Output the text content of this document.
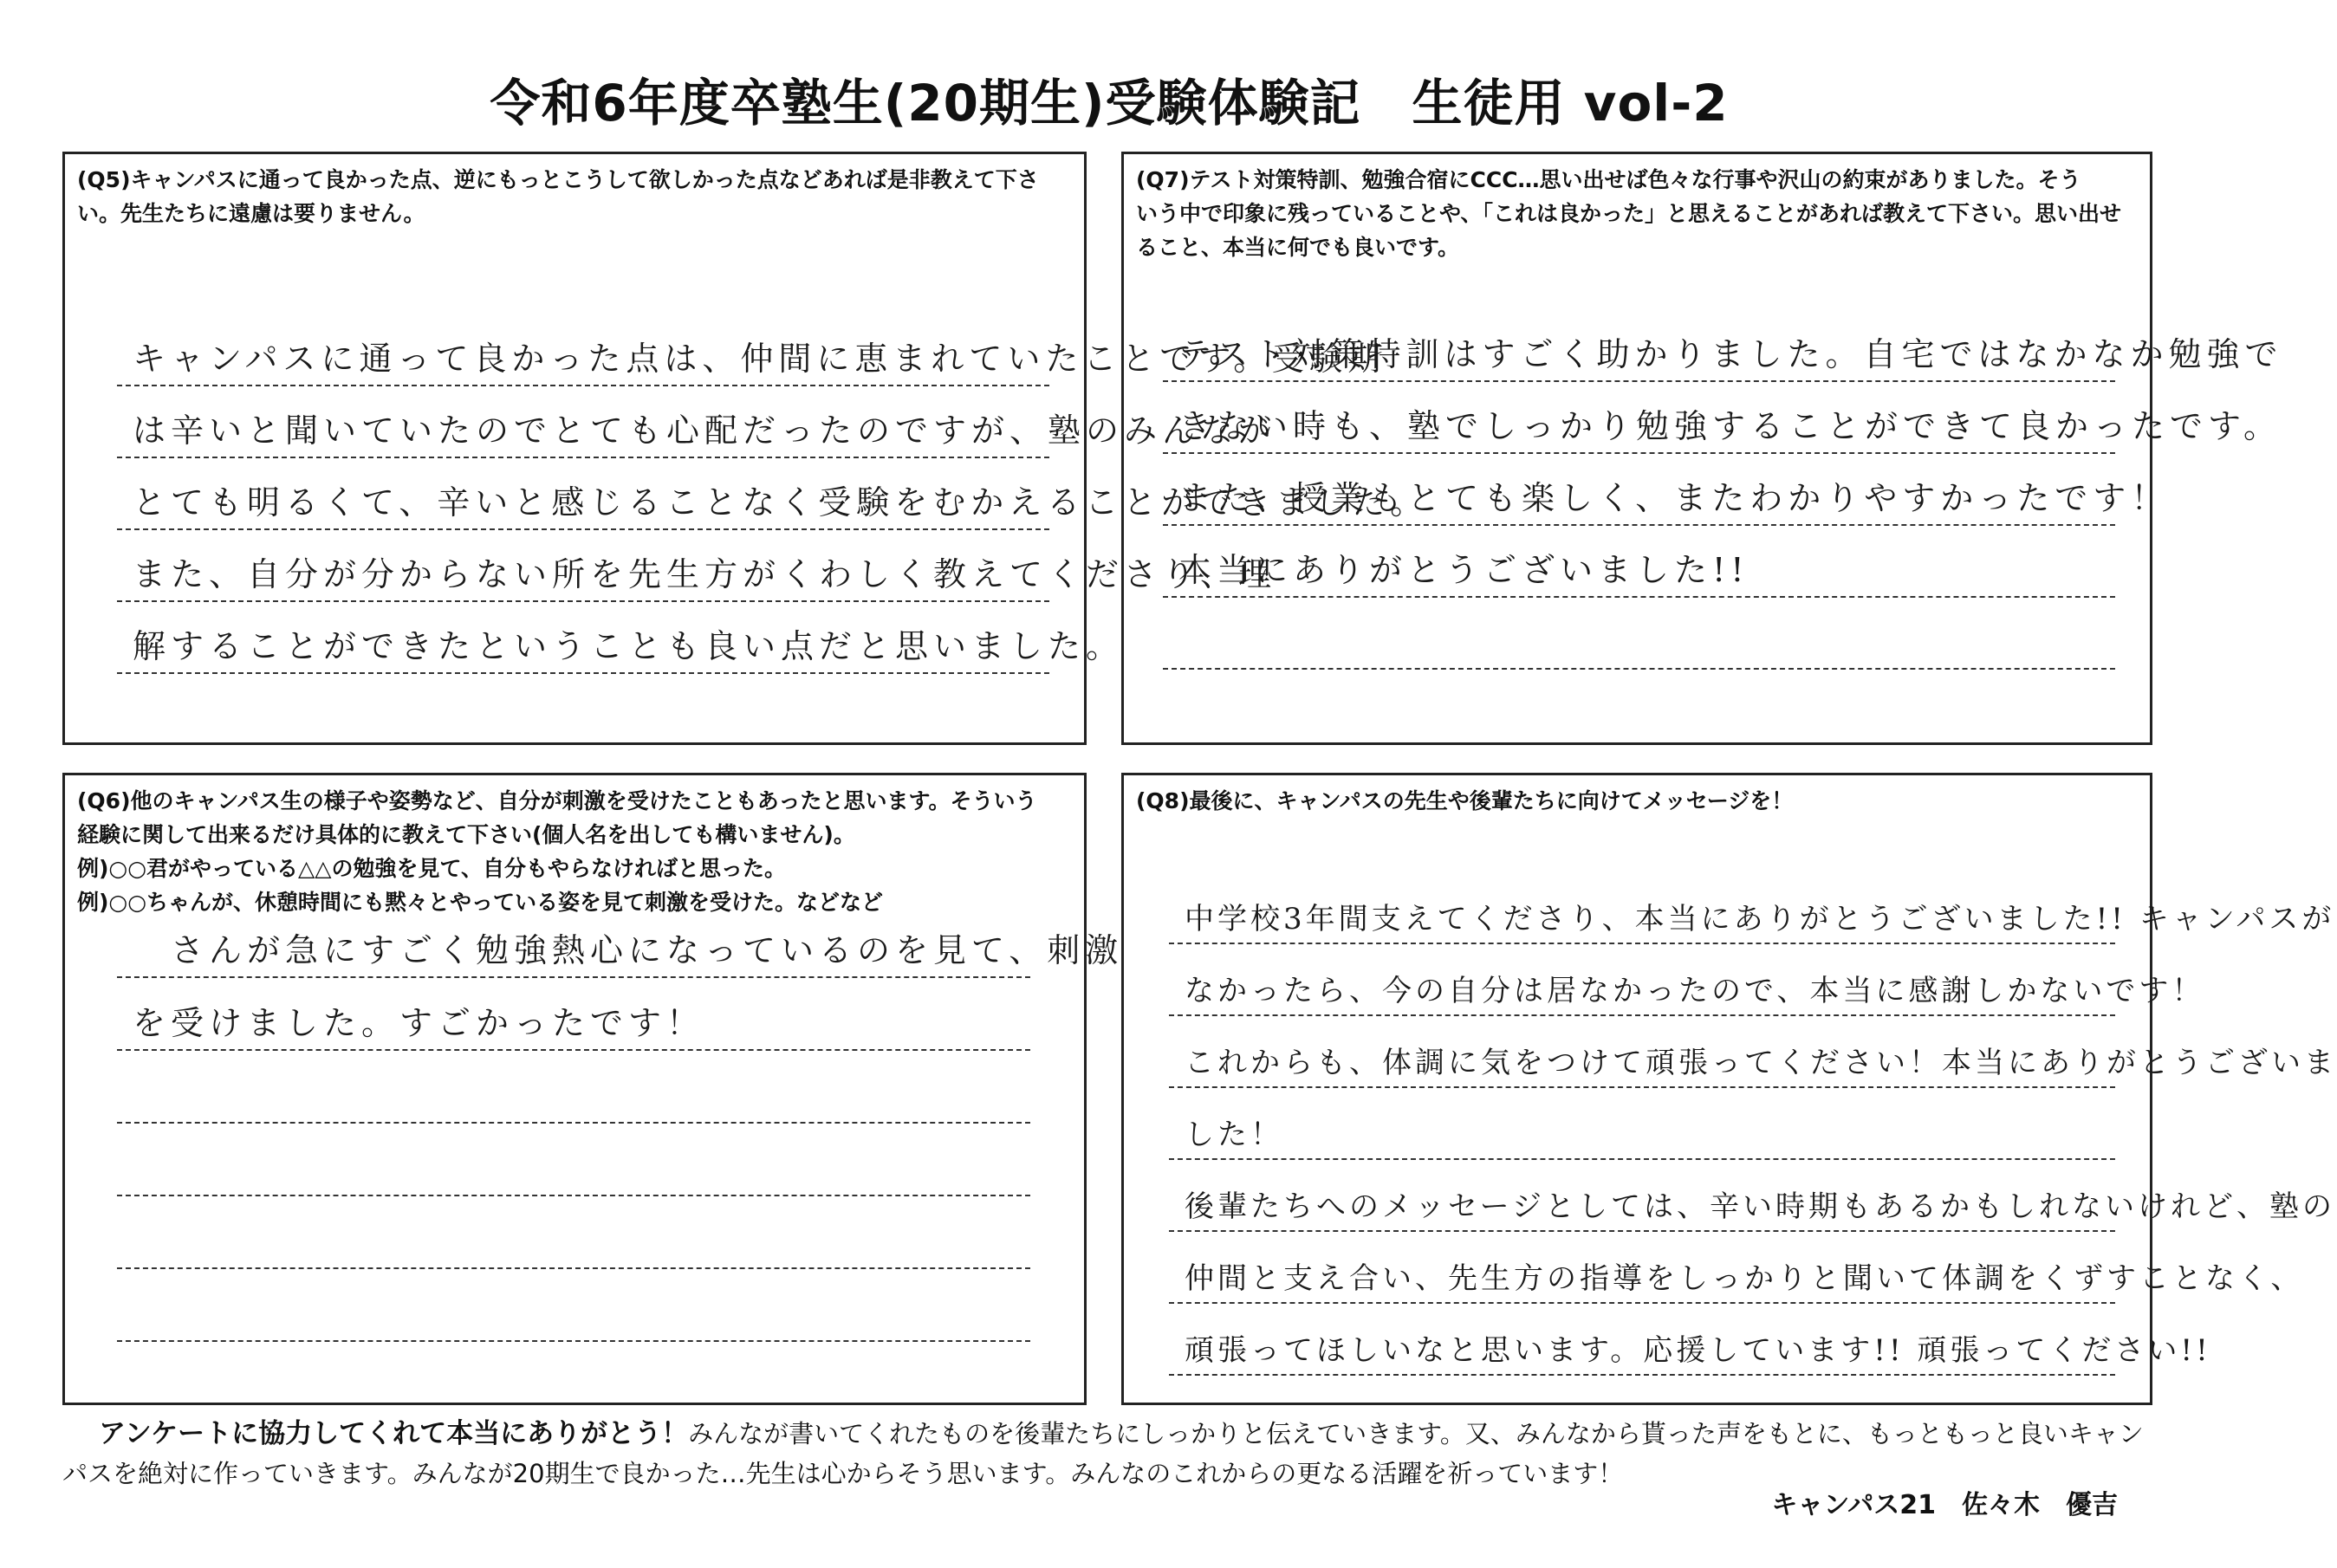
令和6年度卒塾生(20期生)受験体験記　生徒用 vol-2
(Q5)キャンパスに通って良かった点、逆にもっとこうして欲しかった点などあれば是非教えて下さ
い。先生たちに遠慮は要りません。
キャンパスに通って良かった点は、仲間に恵まれていたことです。受験期
は辛いと聞いていたのでとても心配だったのですが、塾のみんなが
とても明るくて、辛いと感じることなく受験をむかえることができました。
また、自分が分からない所を先生方がくわしく教えてくださり、理
解することができたということも良い点だと思いました。
(Q7)テスト対策特訓、勉強合宿にCCC…思い出せば色々な行事や沢山の約束がありました。そう
いう中で印象に残っていることや、「これは良かった」と思えることがあれば教えて下さい。思い出せ
ること、本当に何でも良いです。
テスト対策特訓はすごく助かりました。自宅ではなかなか勉強で
きない時も、塾でしっかり勉強することができて良かったです。
また、授業もとても楽しく、またわかりやすかったです！
本当にありがとうございました!!
(Q6)他のキャンパス生の様子や姿勢など、自分が刺激を受けたこともあったと思います。そういう
経験に関して出来るだけ具体的に教えて下さい(個人名を出しても構いません)。
例)○○君がやっている△△の勉強を見て、自分もやらなければと思った。
例)○○ちゃんが、休憩時間にも黙々とやっている姿を見て刺激を受けた。などなど
　さんが急にすごく勉強熱心になっているのを見て、刺激
を受けました。すごかったです！
(Q8)最後に、キャンパスの先生や後輩たちに向けてメッセージを！
中学校3年間支えてくださり、本当にありがとうございました!! キャンパスが
なかったら、今の自分は居なかったので、本当に感謝しかないです！
これからも、体調に気をつけて頑張ってください！本当にありがとうございま
した！
後輩たちへのメッセージとしては、辛い時期もあるかもしれないけれど、塾の
仲間と支え合い、先生方の指導をしっかりと聞いて体調をくずすことなく、
頑張ってほしいなと思います。応援しています!! 頑張ってください!!
アンケートに協力してくれて本当にありがとう！みんなが書いてくれたものを後輩たちにしっかりと伝えていきます。又、みんなから貰った声をもとに、もっともっと良いキャン
パスを絶対に作っていきます。みんなが20期生で良かった…先生は心からそう思います。みんなのこれからの更なる活躍を祈っています！
キャンパス21　佐々木　優吉
